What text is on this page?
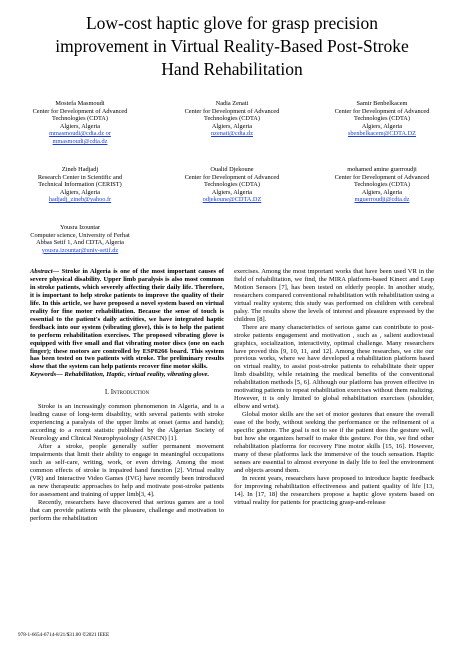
Low-cost haptic glove for grasp precision improvement in Virtual Reality-Based Post-Stroke Hand Rehabilitation
Mostefa Masmoudi
Center for Development of Advanced
Technologies (CDTA)
Algiers, Algeria
mmasmoudi@cdta.dz or
mmasmoudi@cdta.dz
Nadia Zenati
Center for Development of Advanced
Technologies (CDTA)
Algiers, Algeria
nzenati@cdta.dz
Samir Benbelkacem
Center for Development of Advanced
Technologies (CDTA)
Algiers, Algeria
sbenbelkacem@CDTA.DZ
Zineb Hadjadj
Research Center in Scientific and
Technical Information (CERIST)
Algiers, Algeria
hadjadj_zineb@yahoo.fr
Oualid Djekoune
Center for Development of Advanced
Technologies (CDTA)
Algiers, Algeria
odjekoune@CDTA.DZ
mohamed amine guerroudji
Center for Development of Advanced
Technologies (CDTA)
Algiers, Algeria
mguerroudji@cdta.dz
Yousra Izountar
Computer science, University of Ferhat
Abbas Setif 1, And CDTA, Algeria
yousra.izountar@univ-setif.dz

Abstract— Stroke in Algeria is one of the most important causes of severe physical disability. Upper limb paralysis is also most common in stroke patients, which severely affecting their daily life. Therefore, it is important to help stroke patients to improve the quality of their life. In this article, we have proposed a novel system based on virtual reality for fine motor rehabilitation. Because the sense of touch is essential to the patient's daily activities, we have integrated haptic feedback into our system (vibrating glove), this is to help the patient to perform rehabilitation exercises. The proposed vibrating glove is equipped with five small and flat vibrating motor discs (one on each finger); these motors are controlled by ESP8266 board. This system has been tested on two patients with stroke. The preliminary results show that the system can help patients recover fine motor skills.

Keywords— Rehabilitation, Haptic, virtual reality, vibrating glove.

I. Introduction

Stroke is an increasingly common phenomenon in Algeria, and is a leading cause of long-term disability, with several patients with stroke experiencing a paralysis of the upper limbs at onset (arms and hands); according to a recent statistic published by the Algerian Society of Neurology and Clinical Neurophysiology (ASNCN) [1].

After a stroke, people generally suffer permanent movement impairments that limit their ability to engage in meaningful occupations such as self-care, writing, work, or even driving. Among the most common effects of stroke is impaired hand function [2]. Virtual reality (VR) and Interactive Video Games (IVG) have recently been introduced as new therapeutic approaches to help and motivate post-stroke patients for assessment and training of upper limb[3, 4].

Recently, researchers have discovered that serious games are a tool that can provide patients with the pleasure, challenge and motivation to perform the rehabilitation

exercises. Among the most important works that have been used VR in the field of rehabilitation, we find, the MIRA platform-based Kinect and Leap Motion Sensors [7], has been tested on elderly people. In another study, researchers compared conventional rehabilitation with rehabilitation using a virtual reality system; this study was performed on children with cerebral palsy. The results show the levels of interest and pleasure expressed by the children [8].

There are many characteristics of serious game can contribute to post-stroke patients engagement and motivation , such as , salient audiovisual graphics, socialization, interactivity, optimal challenge. Many researchers have proved this [9, 10, 11, and 12]. Among these researches, we cite our previous works, where we have developed a rehabilitation platform based on virtual reality, to assist post-stroke patients to rehabilitate their upper limb disability, while retaining the medical benefits of the conventional rehabilitation methods [5, 6]. Although our platform has proven effective in motivating patients to repeat rehabilitation exercises without them realizing. However, it is only limited to global rehabilitation exercises (shoulder, elbow and wrist).

Global motor skills are the set of motor gestures that ensure the overall ease of the body, without seeking the performance or the refinement of a specific gesture. The goal is not to see if the patient does the gesture well, but how she organizes herself to make this gesture. For this, we find other rehabilitation platforms for recovery Fine motor skills [15, 16]. However, many of these platforms lack the immersive of the touch sensation. Haptic senses are essential to almost everyone in daily life to feel the environment and objects around them.

In recent years, researchers have proposed to introduce haptic feedback for improving rehabilitation effectiveness and patient quality of life [13, 14]. In [17, 18] the researchers propose a haptic glove system based on virtual reality for patients for practicing grasp-and-release

978-1-6654-6714-8/21/$31.00 ©2021 IEEE
